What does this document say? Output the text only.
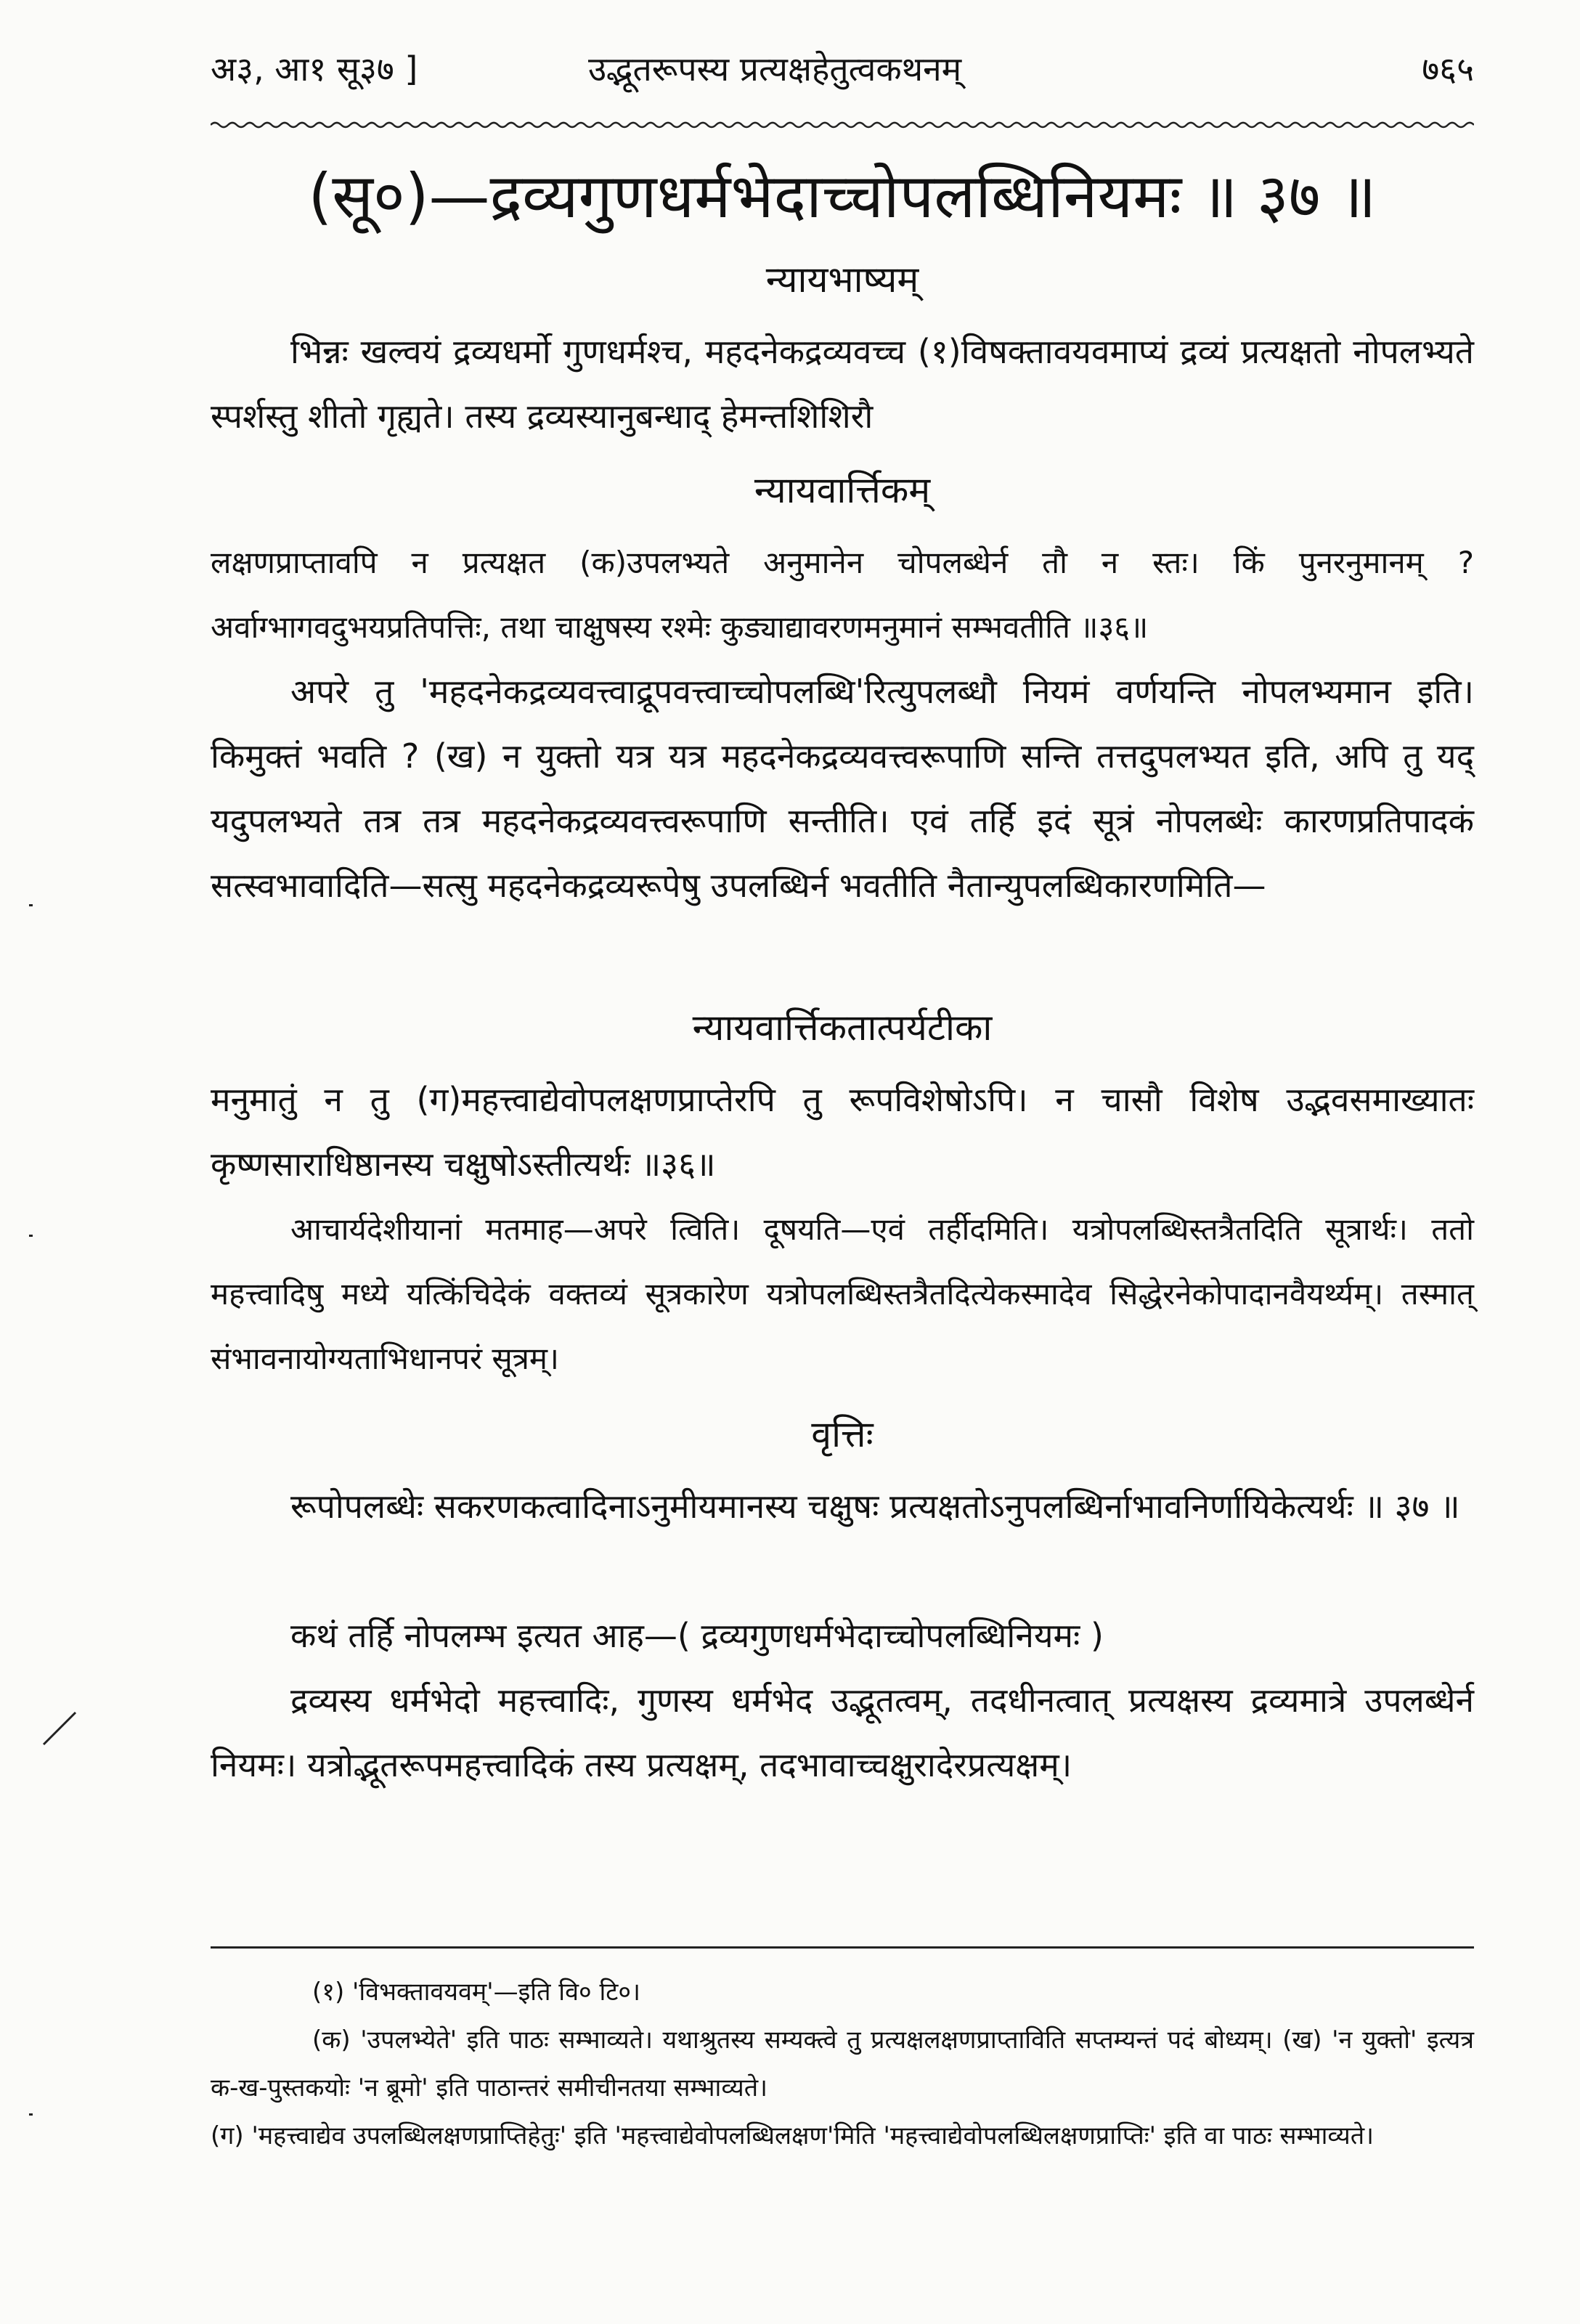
अ३, आ१ सू३७ ]	उद्भूतरूपस्य प्रत्यक्षहेतुत्वकथनम्	७६५
(सू०)—द्रव्यगुणधर्मभेदाच्चोपलब्धिनियमः ॥ ३७ ॥
न्यायभाष्यम्
भिन्नः खल्वयं द्रव्यधर्मो गुणधर्मश्च, महदनेकद्रव्यवच्च (१)विषक्तावयवमाप्यं द्रव्यं प्रत्यक्षतो नोपलभ्यते स्पर्शस्तु शीतो गृह्यते। तस्य द्रव्यस्यानुबन्धाद् हेमन्तशिशिरौ
न्यायवार्त्तिकम्
लक्षणप्राप्तावपि न प्रत्यक्षत (क)उपलभ्यते अनुमानेन चोपलब्धेर्न तौ न स्तः। किं पुनरनुमानम् ? अर्वाग्भागवदुभयप्रतिपत्तिः, तथा चाक्षुषस्य रश्मेः कुड्याद्यावरणमनुमानं सम्भवतीति ॥३६॥
अपरे तु 'महदनेकद्रव्यवत्त्वाद्रूपवत्त्वाच्चोपलब्धि'रित्युपलब्धौ नियमं वर्णयन्ति नोपलभ्यमान इति। किमुक्तं भवति ? (ख) न युक्तो यत्र यत्र महदनेकद्रव्यवत्त्वरूपाणि सन्ति तत्तदुपलभ्यत इति, अपि तु यद् यदुपलभ्यते तत्र तत्र महदनेकद्रव्यवत्त्वरूपाणि सन्तीति। एवं तर्हि इदं सूत्रं नोपलब्धेः कारणप्रतिपादकं सत्स्वभावादिति—सत्सु महदनेकद्रव्यरूपेषु उपलब्धिर्न भवतीति नैतान्युपलब्धिकारणमिति—
न्यायवार्त्तिकतात्पर्यटीका
मनुमातुं न तु (ग)महत्त्वाद्येवोपलक्षणप्राप्तेरपि तु रूपविशेषोऽपि। न चासौ विशेष उद्भवसमाख्यातः कृष्णसाराधिष्ठानस्य चक्षुषोऽस्तीत्यर्थः ॥३६॥
आचार्यदेशीयानां मतमाह—अपरे त्विति। दूषयति—एवं तर्हीदमिति। यत्रोपलब्धिस्तत्रैतदिति सूत्रार्थः। ततो महत्त्वादिषु मध्ये यत्किंचिदेकं वक्तव्यं सूत्रकारेण यत्रोपलब्धिस्तत्रैतदित्येकस्मादेव सिद्धेरनेकोपादानवैयर्थ्यम्। तस्मात् संभावनायोग्यताभिधानपरं सूत्रम्।
वृत्तिः
रूपोपलब्धेः सकरणकत्वादिनाऽनुमीयमानस्य चक्षुषः प्रत्यक्षतोऽनुपलब्धिर्नाभावनिर्णायिकेत्यर्थः ॥ ३७ ॥
कथं तर्हि नोपलम्भ इत्यत आह—( द्रव्यगुणधर्मभेदाच्चोपलब्धिनियमः )
द्रव्यस्य धर्मभेदो महत्त्वादिः, गुणस्य धर्मभेद उद्भूतत्वम्, तदधीनत्वात् प्रत्यक्षस्य द्रव्यमात्रे उपलब्धेर्न नियमः। यत्रोद्भूतरूपमहत्त्वादिकं तस्य प्रत्यक्षम्, तदभावाच्चक्षुरादेरप्रत्यक्षम्।
(१) 'विभक्तावयवम्'—इति वि० टि०।
(क) 'उपलभ्येते' इति पाठः सम्भाव्यते। यथाश्रुतस्य सम्यक्त्वे तु प्रत्यक्षलक्षणप्राप्ताविति सप्तम्यन्तं पदं बोध्यम्। (ख) 'न युक्तो' इत्यत्र क-ख-पुस्तकयोः 'न ब्रूमो' इति पाठान्तरं समीचीनतया सम्भाव्यते।
(ग) 'महत्त्वाद्येव उपलब्धिलक्षणप्राप्तिहेतुः' इति 'महत्त्वाद्येवोपलब्धिलक्षण'मिति 'महत्त्वाद्येवोपलब्धिलक्षणप्राप्तिः' इति वा पाठः सम्भाव्यते।
